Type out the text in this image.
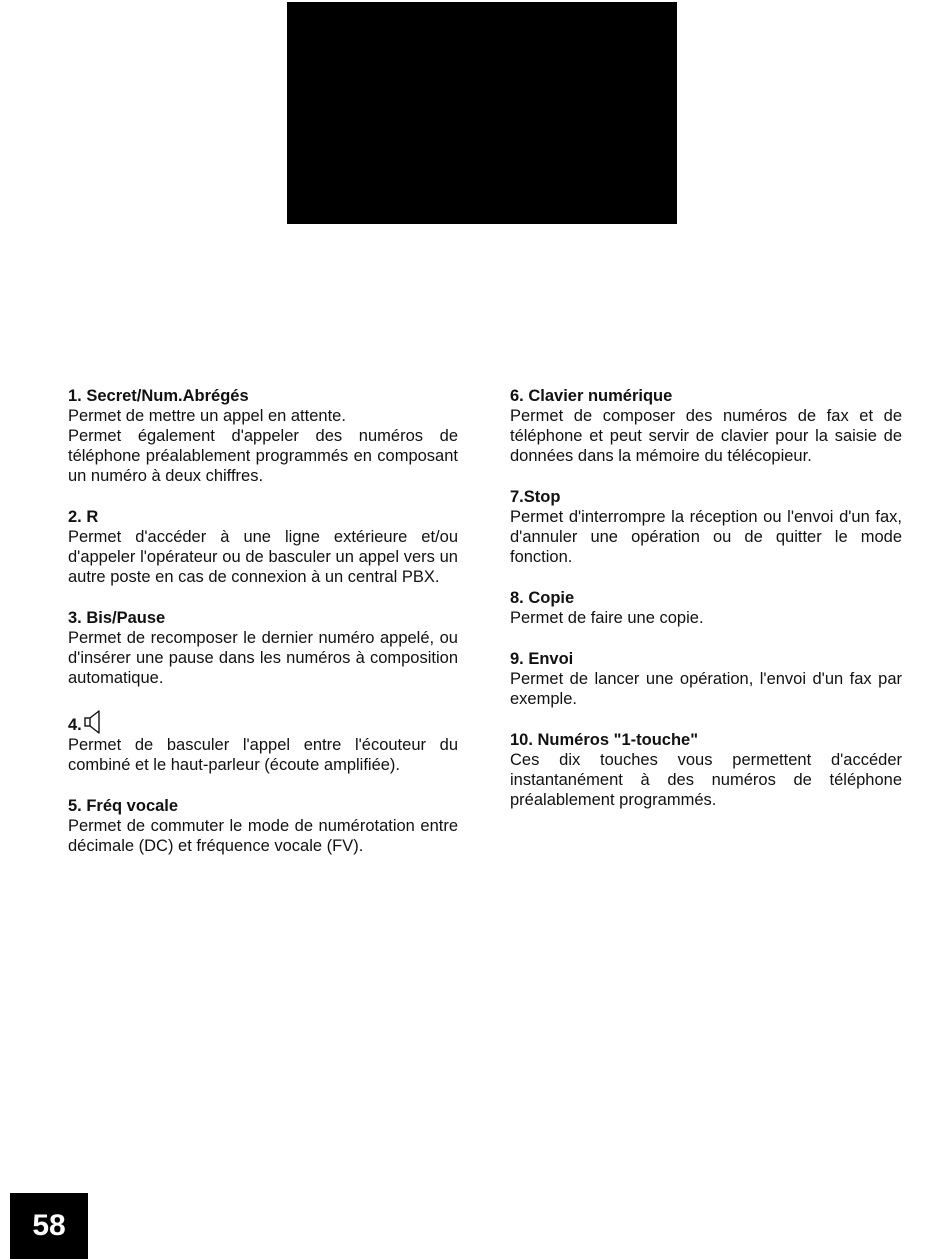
1. Secret/Num.Abrégés

Permet de mettre un appel en attente.

Permet également d'appeler des numéros de téléphone préalablement programmés en composant un numéro à deux chiffres.

2. R

Permet d'accéder à une ligne extérieure et/ou d'appeler l'opérateur ou de basculer un appel vers un autre poste en cas de connexion à un central PBX.

3. Bis/Pause

Permet de recomposer le dernier numéro appelé, ou d'insérer une pause dans les numéros à composition automatique.

4.

Permet de basculer l'appel entre l'écouteur du combiné et le haut-parleur (écoute amplifiée).

5. Fréq vocale

Permet de commuter le mode de numérotation entre décimale (DC) et fréquence vocale (FV).

6. Clavier numérique

Permet de composer des numéros de fax et de téléphone et peut servir de clavier pour la saisie de données dans la mémoire du télécopieur.

7.Stop

Permet d'interrompre la réception ou l'envoi d'un fax, d'annuler une opération ou de quitter le mode fonction.

8. Copie

Permet de faire une copie.

9. Envoi

Permet de lancer une opération, l'envoi d'un fax par exemple.

10. Numéros "1-touche"

Ces dix touches vous permettent d'accéder instantanément à des numéros de téléphone préalablement programmés.

58
